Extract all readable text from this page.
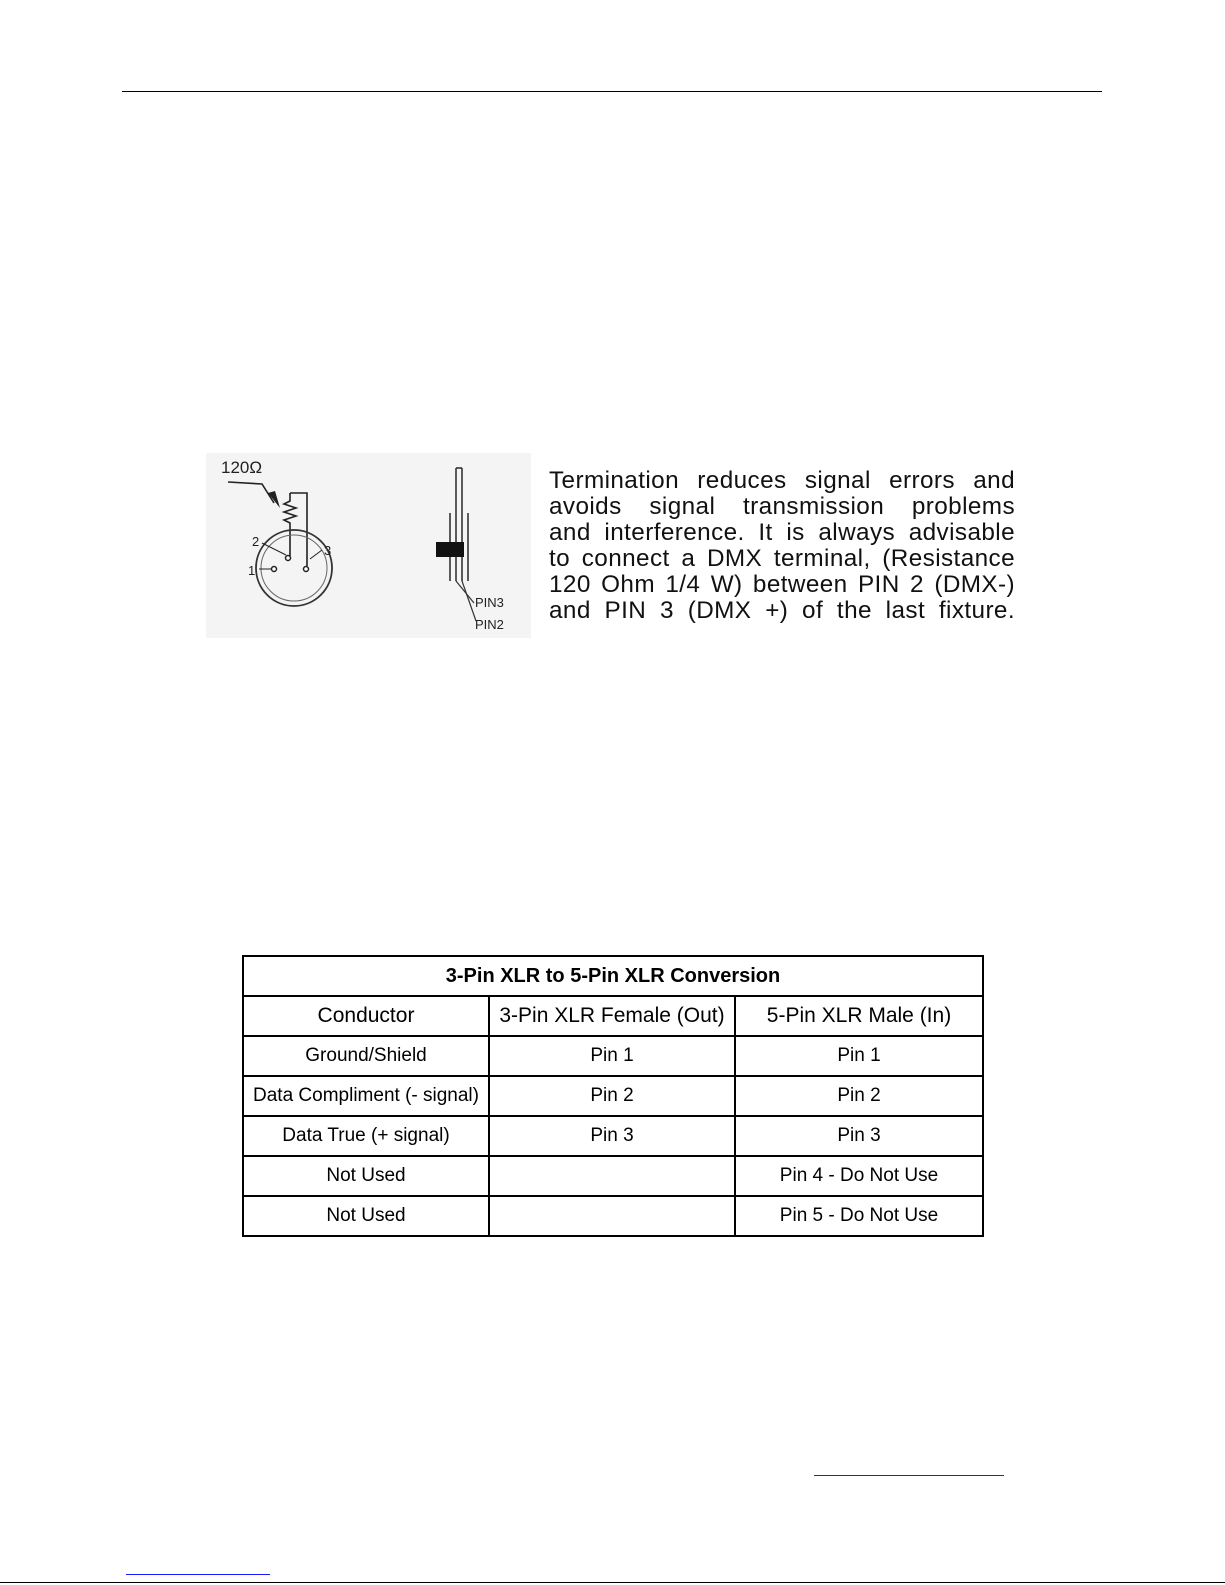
120Ω
2
3
1
PIN3
PIN2
Termination reduces signal errors and
avoids signal transmission problems
and interference. It is always advisable
to connect a DMX terminal, (Resistance
120 Ohm 1/4 W) between PIN 2 (DMX-)
and PIN 3 (DMX +) of the last fixture.
3-Pin XLR to 5-Pin XLR Conversion		
Conductor	3-Pin XLR Female (Out)	5-Pin XLR Male (In)
Ground/Shield	Pin 1	Pin 1
Data Compliment (- signal)	Pin 2	Pin 2
Data True (+ signal)	Pin 3	Pin 3
Not Used		Pin 4 - Do Not Use
Not Used		Pin 5 - Do Not Use
